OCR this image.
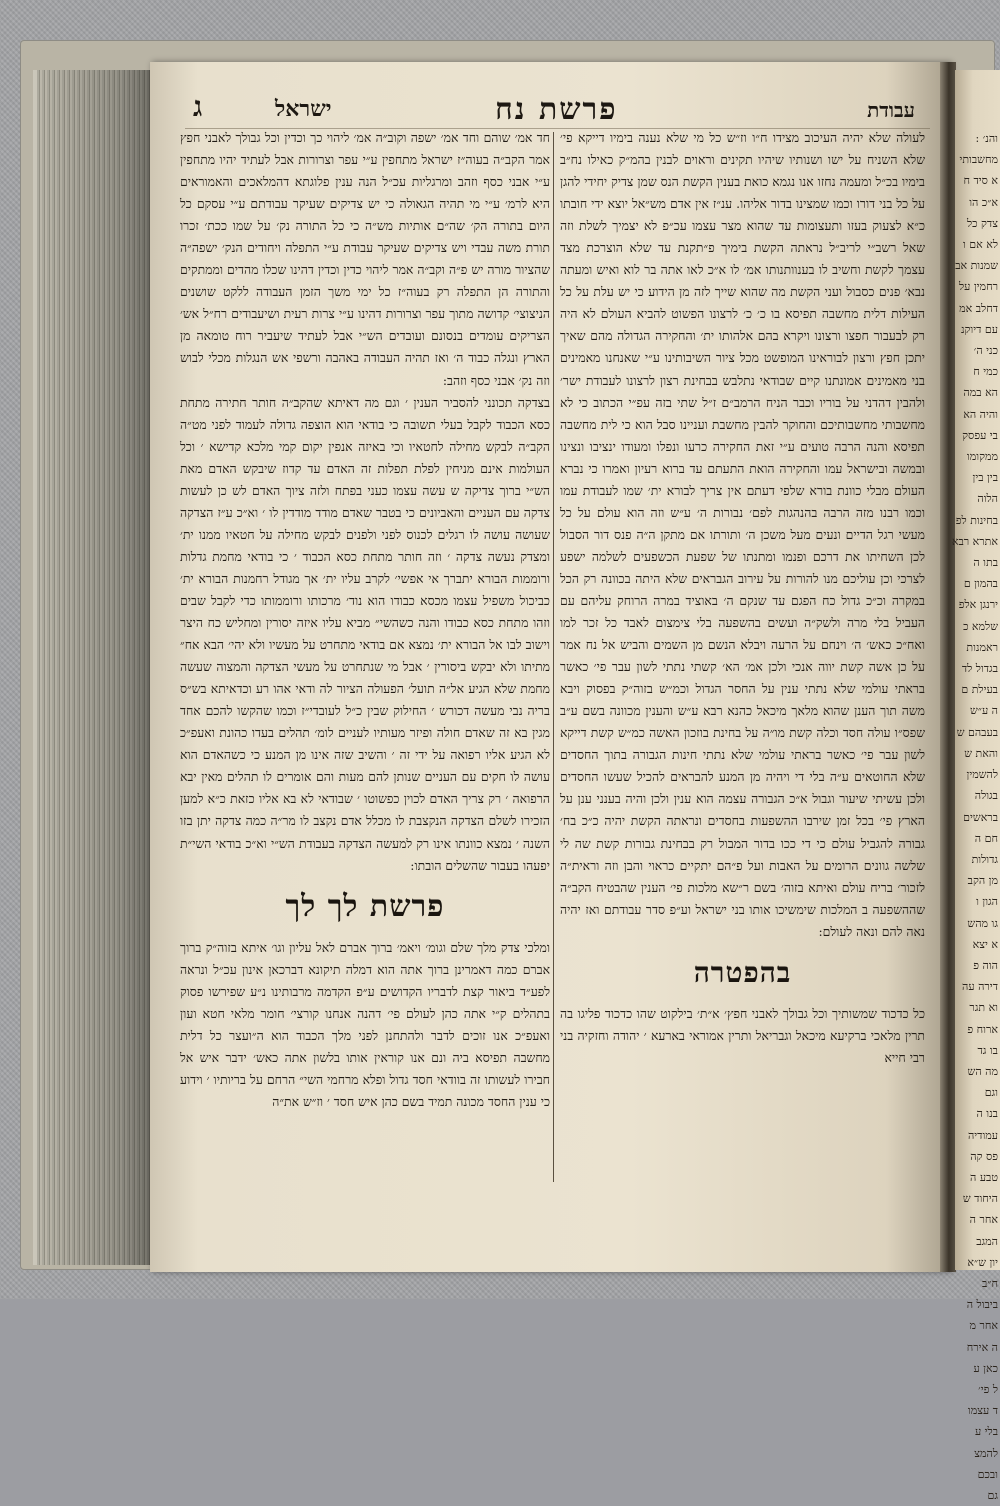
והנ׳ :
מחשבותי
א סיד ח
א״כ הו
צדק כל
לא אם ו
שמנות אב
רחמין על
דחלב אמ
עם דיוקנ
כני ה׳
כמי ח
הא במה
והיה הא
בי עפסק
ממקומו
בין בין
הלוה
בחינות לפ
אתרא רבא
בתו ה
בהמון ם
ירנגן אלפ
שלמא כ
ראמנות
בגדול לד
בעילת ם
ה ע״ש
בעבהם ש
והאת ש
להשמין
בגולה
בראשים
חם ה
גדולות
מן הקב
הגון ו
גו מהש
א יצא
הוה פ
דירה עה
וא תגר
ארוח פ
בו גד
מה הש
וגם
בנו ה
עמודיה
פס קה
טבע ה
היחוד ש
אחר ה
המגב
יון ש״א
ח״ב
ביבול ה
אחר מ
ה אירח
כאן ע
ל פי׳
ד עצמו
בלי ע
להמצ
ובכם
גם
עבודת
פרשת נח
ישראל
ג

לעולה שלא יהיה העיכוב מצידו ח״ו וז״ש כל מי שלא נענה בימיו דייקא פי׳ שלא השניח על ישו ושנותיו שיהיו תקינים וראוים לבנין בהמ״ק כאילו נח״ב בימיו בכ״ל ומעמה נחזו אנו נגמא כואת בענין הקשת הנס שמן צדיק יחידי להגן על כל בני דורו וכמו שמצינו בדור אליהו. ענ״ז אין אדם מש״אל יוצא ידי חובתו כ״א לצעוק בעזו ותעצומות עד שהוא מצר עצמו עכ״פ לא יצמיך לשלת וזה שאל רשב״י לריב״ל נראתה הקשת בימיך פ״תקנת עד שלא הוצרכת מצד עצמך לקשת וחשיב לו בענוותנותו אמ׳ לו א״כ לאו אתה בר לוא ואיש ומעתה נבא׳ פנים כסבול ועני הקשת מה שהוא שייך לזה מן הידוע כי יש עלת על כל העילות דלית מחשבה תפיסא בו כ׳ כ׳ לרצונו הפשוט להביא העולם לא היה רק לבעבור חפצו ורצונו ויקרא בהם אלהותו ית׳ והחקירה הגדולה מהם שאיך יתכן חפץ ורצון לבוראינו המופשט מכל ציור השיבותינו ע״י שאנחנו מאמינים בני מאמינים אמונתנו קיים שבודאי נתלבש בבחינת רצון לרצונו לעבודת ישר׳ ולהבין דהדני על בוריו וכבר הניח הרמב״ם ז״ל שתי בזה עפ״י הכתוב כי לא מחשבותי מחשבותיכם והחוקר להבין מחשבת ועניינו סבל הוא כי לית מחשבה תפיסא והנה הרבה טועים ע״י זאת החקירה כרעו ונפלו ומעודו ינציבו ונצינו ובמשה ובישראל עמו והחקירה הואת התעתם עד ברוא רעיון ואמרו כי נברא העולם מבלי כוונת בורא שלפי דעתם אין צריך לבורא ית׳ שמו לעבודת עמו וכמו רבנו מזה הרבה בהנהגות לפם׳ נבורות ה׳ ע״ש וזה הוא עולם על כל מעשי רגל הדיים ונעים מעל משכן ה׳ ותורתו אם מתקן ה״ה פנס דור הסבול לכן השחיתו את דרכם ופנמו ומתנתו של שפעת הכשפעים לשלמה ישפע לצרכי וכן עוליכם מנו להורות על עירוב הגבראים שלא היתה בכוונה רק הכל במקרה וכ״כ גדול כח הפגם עד שנקם ה׳ באוציד במרה הרוחק עליהם עם העביל בלי מרה ולשק״ה ועשים בהשפעה בלי צימצום לאבד כל זכר למו ואח״כ כאש׳ ה׳ וינחם על הרעה ויבלא הנשם מן השמים והביש אל נח אמר על כן אשה קשת יווה אנכי ולכן אמ׳ הא׳ קשתי נתתי לשון עבר פי׳ כאשר בראתי עולמי שלא נתתי ענין על החסר הגדול וכמ״ש בזוה״ק בפסוק ויבא משה תוך הענן שהוא מלאך מיכאל כהנא רבא ע״ש והענין מכוונה בשם ע״ב שפס״ו עולה חסד וכלה קשת מו״ה על בחינת בוזכון האשה כמ״ש קשת דייקא לשון עבר פי׳ כאשר בראתי עולמי שלא נתתי חינות הגבורה בתוך החסדים שלא החוטאים ע״ה בלי די ויהיה מן המנע להבראים להכיל שעשו החסדים ולכן עשיתי שיעור וגבול א״כ הגבורה עצמה הוא ענין ולכן והיה בענני ענן על הארץ פי׳ בכל זמן שירבו ההשפעות בחסדים ונראתה הקשת יהיה כ״כ בח׳ גבורה להגביל עולם כי די ככו בדור המבול רק בבחינת גבורות קשת שה לי שלשה גוונים הרומים על האבות ועל פ״הם יתקיים כראוי והבן וזה וראית״ה לזכור׳ בריח עולם ואיתא בזוה׳ בשם ר״שא מלכות פי׳ הענין שהבטיח הקב״ה שההשפעה ב המלכות שימשיכו אותו בני ישראל וע״פ סדר עבודתם ואז יהיה נאה להם ונאה לעולם:

בהפטרה

כל כדכוד שמשותיך וכל גבולך לאבני חפץ׳ א״ת׳ בילקוט שהו כדכוד פליגו בה תרין מלאכי ברקיעא מיכאל וגבריאל ותרין אמוראי בארעא ׳ יהודה וחזקיה בני רבי חייא

חד אמ׳ שוהם וחד אמ׳ ישפה וקוב״ה אמ׳ ליהוי כך וכדין וכל גבולך לאבני חפץ אמר הקב״ה בעוה״ז ישראל מתחפין ע״י עפר וצרורות אבל לעתיד יהיו מתחפין ע״י אבני כסף וזהב ומרגליות עכ״ל הנה ענין פלוגתא דהמלאכים והאמוראים היא לרמ׳ ע״י מי תהיה הגאולה כי יש צדיקים שעיקר עבודתם ע״י עסקם כל היום בתורה הק׳ שה״ם אותיות מש״ה כי כל התורה נק׳ על שמו ככת׳ זכרו תורת משה עבדי ויש צדיקים שעיקר עבודת ע״י התפלה ויחודים הנק׳ ישפה״ה שהציור מורה יש פ״ה וקב״ה אמר ליהוי כדין וכדין דהינו שכלו מהדים וממתקים והתורה הן התפלה רק בעוה״ז כל ימי משך הזמן העבודה ללקט שושנים הניצוצי׳ קדושה מתוך עפר וצרורות דהינו ע״י צרות רעית ושיעבודים רח״ל אש׳ הצריקים עומדים בנסונם ועובדים הש״י אבל לעתיד שיעביר רוח טומאה מן הארץ ונגלה כבוד ה׳ ואז תהיה העבודה באהבה ורשפי אש הנגלות מכלי לבוש וזה נק׳ אבני כסף וזהב:

בצדקה תכונני להסביר הענין ׳ וגם מה דאיתא שהקב״ה חותר חתירה מתחת כסא הכבוד לקבל בעלי תשובה כי בודאי הוא הוצפה גדולה לעמוד לפני מט״ה הקב״ה לבקש מחילה לחטאיו וכי באיזה אנפין יקום קמי מלכא קדישא ׳ וכל העולמות אינם מניחין לפלת תפלות זה האדם עד קדוז שיבקש האדם מאת הש״י ברוך צדיקה ש עשה עצמו כעני בפתח ולזה ציוך האדם לש כן לעשות צדקה עם העניים והאביונים כי בטבר שאדם מודד מודדין לו ׳ וא״כ ע״ז הצדקה שעושה עושה לו רגלים לכנוס לפני ולפנים לבקש מחילה על חטאיו ממנו ית׳ ומצדק נעשה צדקה ׳ וזה חותר מתחת כסא הכבוד ׳ כי בודאי מחמת גדלות ורוממות הבורא יתברך אי אפשי׳ לקרב עליו ית׳ אך מגודל רחמנות הבורא ית׳ כביכול משפיל עצמו מכסא כבודו הוא נוד׳ מרכותו ורוממותו כדי לקבל שבים וזהו מתחת כסא כבודו והנה כשהשי״ מביא עליו איזה יסורין ומחליש כח היצר וישוב לבו אל הבורא ית׳ נמצא אם בודאי מתחרט על מעשיו ולא יהי׳ הבא אח״ מתיתו ולא יבקש ביסורין ׳ אבל מי שנתחרט על מעשי הצדקה והמצוה שעשה מחמת שלא הגיע אל״ה תועל׳ הפעולה הציור לה ודאי אהו רע וכדאיתא בש״ס בריה נבי מעשה דכורש ׳ החילוק שבין כ״ל לעובדי״ז וכמו שהקשו להכם אחד מגין בא זה שאדם חולה ופיזר מעותיו לעניים לומ׳ תהלים בעדו כהונת ואעפ״כ לא הגיע אליו רפואה על ידי זה ׳ והשיב שזה אינו מן המנע כי כשהאדם הוא עושה לו חקים עם העניים שנותן להם מעות והם אומרים לו תהלים מאין יבא הרפואה ׳ רק צריך האדם לכוין כפשוטו ׳ שבודאי לא בא אליו כזאת כ״א למען הזכירו לשלם הצדקה הנקצבת לו מכלל אדם נקצב לו מר״ה כמה צדקה יתן בזו השנה ׳ נמצא כוונתו אינו רק למעשה הצדקה בעבודת הש״י וא״כ בודאי השי״ת יפעהו בעבור שהשלים הובתו:

פרשת לך לך

ומלכי צדק מלך שלם וגומ׳ ויאמ׳ ברוך אברם לאל עליון וגו׳ איתא בזוה״ק ברוך אברם כמה דאמרינן ברוך אתה הוא דמלה תיקונא דברכאן אינון עכ״ל ונראה לפע״ד ביאור קצת לדבריו הקדושים ע״פ הקדמה מרבותינו נ״ע שפירשו פסוק בתהלים ק״י אתה כהן לעולם פי׳ דהנה אנחנו קורצי׳ חומר מלאי חטא ועון ואעפ״כ אנו זוכים לדבר ולהתחנן לפני מלך הכבוד הוא ה״ועצר כל דלית מחשבה תפיסא ביה ונם אנו קוראין אותו בלשון אתה כאש׳ ידבר איש אל חבירו לעשותו זה בוודאי חסד גדול ופלא מרחמי השי״ הרחם על בריותיו ׳ וידוע כי ענין החסד מכונה תמיד בשם כהן איש חסד ׳ וז״ש את״ה
